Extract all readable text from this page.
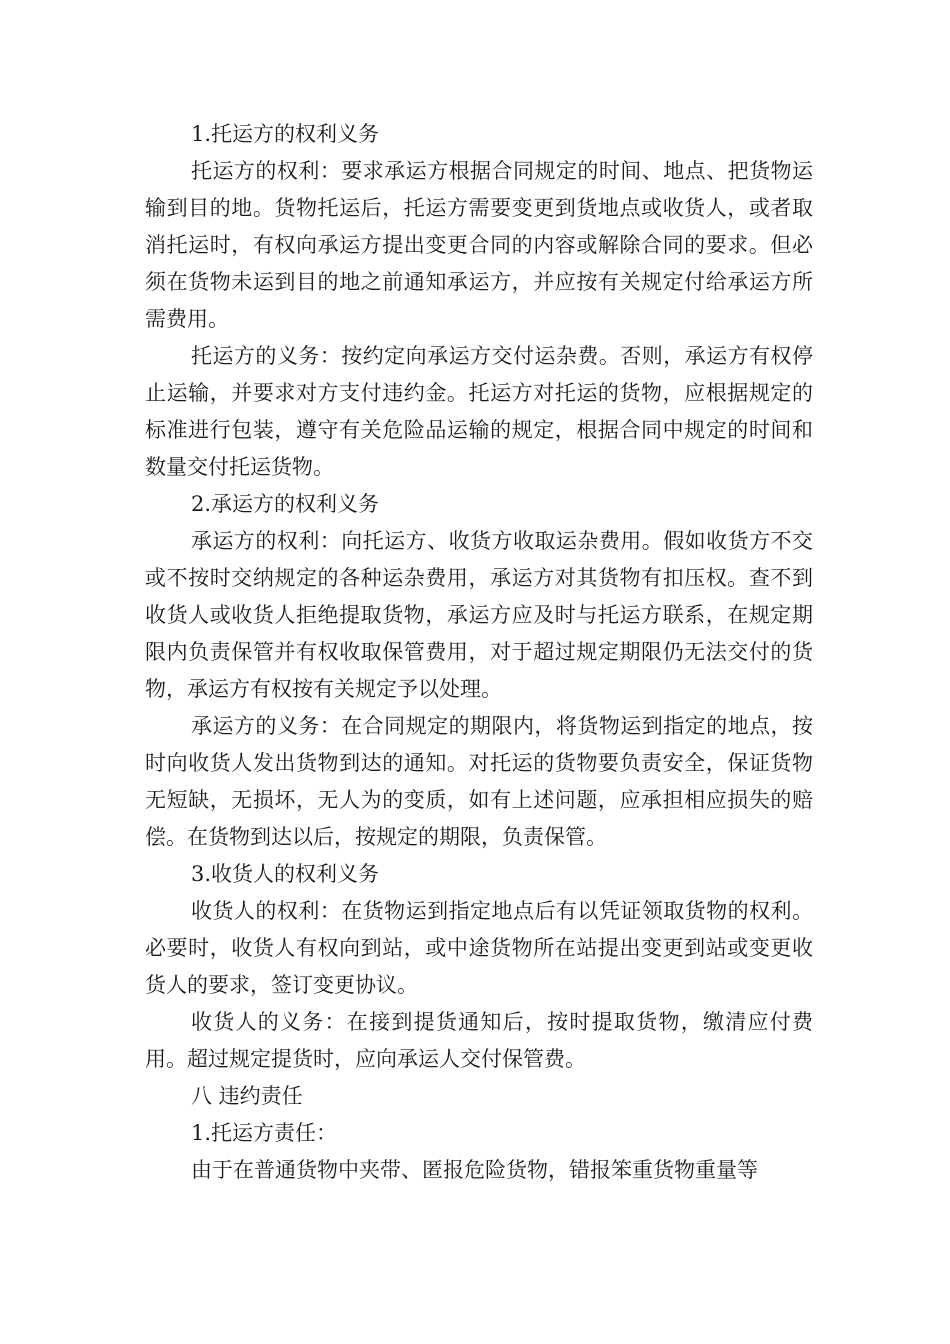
1.托运方的权利义务

托运方的权利：要求承运方根据合同规定的时间、地点、把货物运输到目的地。货物托运后，托运方需要变更到货地点或收货人，或者取消托运时，有权向承运方提出变更合同的内容或解除合同的要求。但必须在货物未运到目的地之前通知承运方，并应按有关规定付给承运方所需费用。

托运方的义务：按约定向承运方交付运杂费。否则，承运方有权停止运输，并要求对方支付违约金。托运方对托运的货物，应根据规定的标准进行包装，遵守有关危险品运输的规定，根据合同中规定的时间和数量交付托运货物。

2.承运方的权利义务

承运方的权利：向托运方、收货方收取运杂费用。假如收货方不交或不按时交纳规定的各种运杂费用，承运方对其货物有扣压权。查不到收货人或收货人拒绝提取货物，承运方应及时与托运方联系，在规定期限内负责保管并有权收取保管费用，对于超过规定期限仍无法交付的货物，承运方有权按有关规定予以处理。

承运方的义务：在合同规定的期限内，将货物运到指定的地点，按时向收货人发出货物到达的通知。对托运的货物要负责安全，保证货物无短缺，无损坏，无人为的变质，如有上述问题，应承担相应损失的赔偿。在货物到达以后，按规定的期限，负责保管。

3.收货人的权利义务

收货人的权利：在货物运到指定地点后有以凭证领取货物的权利。必要时，收货人有权向到站，或中途货物所在站提出变更到站或变更收货人的要求，签订变更协议。

收货人的义务：在接到提货通知后，按时提取货物，缴清应付费用。超过规定提货时，应向承运人交付保管费。

八 违约责任

1.托运方责任：

由于在普通货物中夹带、匿报危险货物，错报笨重货物重量等
